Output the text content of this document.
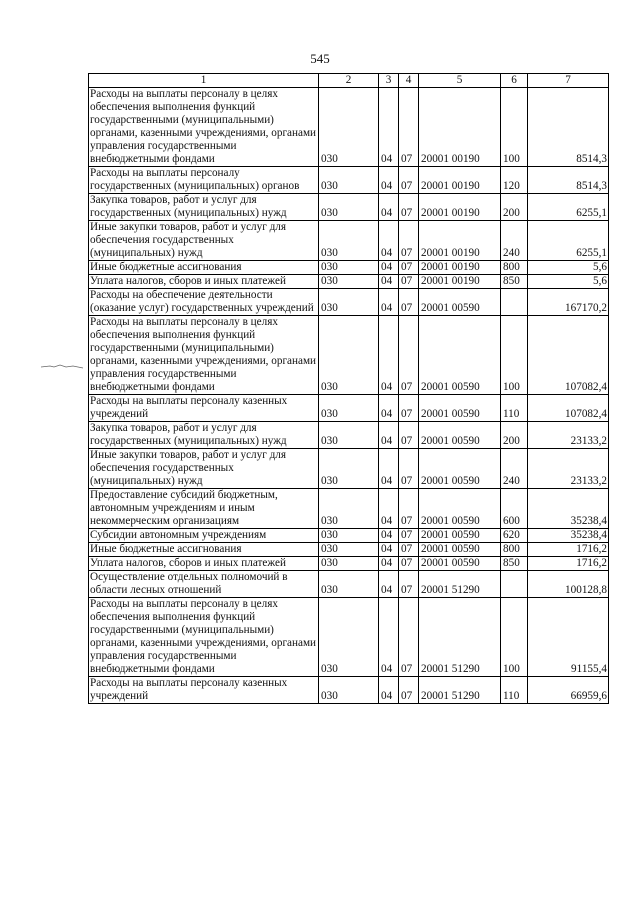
545
1	2	3	4	5	6	7
Расходы на выплаты персоналу в целях обеспечения выполнения функций государственными (муниципальными) органами, казенными учреждениями, органами управления государственными внебюджетными фондами	030	04	07	20001 00190	100	8514,3
Расходы на выплаты персоналу государственных (муниципальных) органов	030	04	07	20001 00190	120	8514,3
Закупка товаров, работ и услуг для государственных (муниципальных) нужд	030	04	07	20001 00190	200	6255,1
Иные закупки товаров, работ и услуг для обеспечения государственных (муниципальных) нужд	030	04	07	20001 00190	240	6255,1
Иные бюджетные ассигнования	030	04	07	20001 00190	800	5,6
Уплата налогов, сборов и иных платежей	030	04	07	20001 00190	850	5,6
Расходы на обеспечение деятельности (оказание услуг) государственных учреждений	030	04	07	20001 00590		167170,2
Расходы на выплаты персоналу в целях обеспечения выполнения функций государственными (муниципальными) органами, казенными учреждениями, органами управления государственными внебюджетными фондами	030	04	07	20001 00590	100	107082,4
Расходы на выплаты персоналу казенных учреждений	030	04	07	20001 00590	110	107082,4
Закупка товаров, работ и услуг для государственных (муниципальных) нужд	030	04	07	20001 00590	200	23133,2
Иные закупки товаров, работ и услуг для обеспечения государственных (муниципальных) нужд	030	04	07	20001 00590	240	23133,2
Предоставление субсидий бюджетным, автономным учреждениям и иным некоммерческим организациям	030	04	07	20001 00590	600	35238,4
Субсидии автономным учреждениям	030	04	07	20001 00590	620	35238,4
Иные бюджетные ассигнования	030	04	07	20001 00590	800	1716,2
Уплата налогов, сборов и иных платежей	030	04	07	20001 00590	850	1716,2
Осуществление отдельных полномочий в области лесных отношений	030	04	07	20001 51290		100128,8
Расходы на выплаты персоналу в целях обеспечения выполнения функций государственными (муниципальными) органами, казенными учреждениями, органами управления государственными внебюджетными фондами	030	04	07	20001 51290	100	91155,4
Расходы на выплаты персоналу казенных учреждений	030	04	07	20001 51290	110	66959,6
